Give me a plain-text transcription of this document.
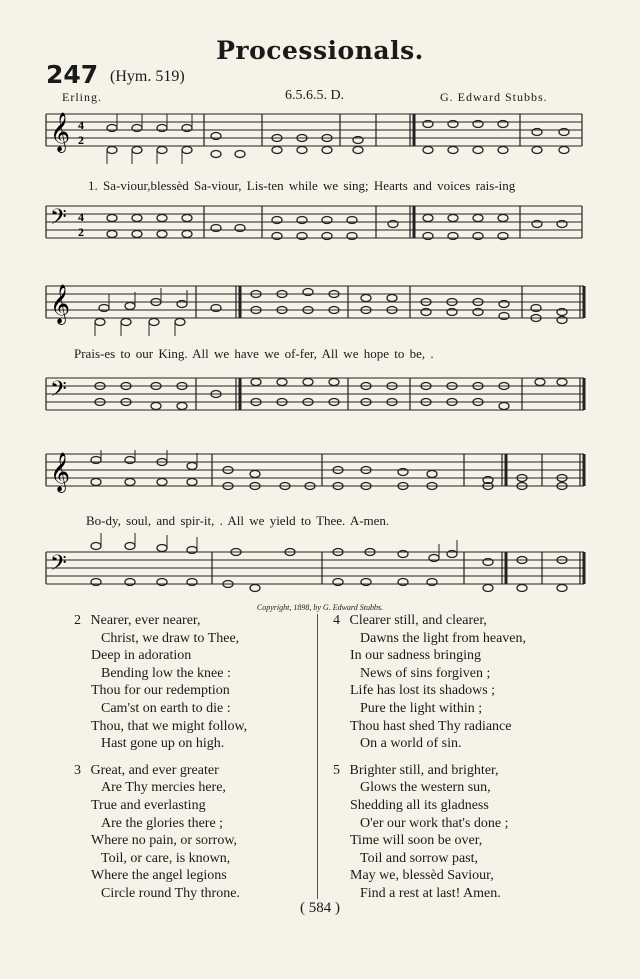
Processionals.
247 (Hym. 519)
Erling.	6.5.6.5. D.	G. Edward Stubbs.
𝄞 4
2
𝄢 4
2
1. Sa-viour,blessèd Sa-viour, Lis-ten while we sing; Hearts and voices rais-ing
𝄞
𝄢
Prais-es to our King. All we have we of-fer, All we hope to be, .
𝄞
𝄢
Bo-dy, soul, and spir-it, . All we yield to Thee. A-men.
Copyright, 1898, by G. Edward Stubbs.
2 Nearer, ever nearer,
Christ, we draw to Thee,
Deep in adoration
Bending low the knee :
Thou for our redemption
Cam'st on earth to die :
Thou, that we might follow,
Hast gone up on high.
3 Great, and ever greater
Are Thy mercies here,
True and everlasting
Are the glories there ;
Where no pain, or sorrow,
Toil, or care, is known,
Where the angel legions
Circle round Thy throne.
4 Clearer still, and clearer,
Dawns the light from heaven,
In our sadness bringing
News of sins forgiven ;
Life has lost its shadows ;
Pure the light within ;
Thou hast shed Thy radiance
On a world of sin.
5 Brighter still, and brighter,
Glows the western sun,
Shedding all its gladness
O'er our work that's done ;
Time will soon be over,
Toil and sorrow past,
May we, blessèd Saviour,
Find a rest at last! Amen.
( 584 )
